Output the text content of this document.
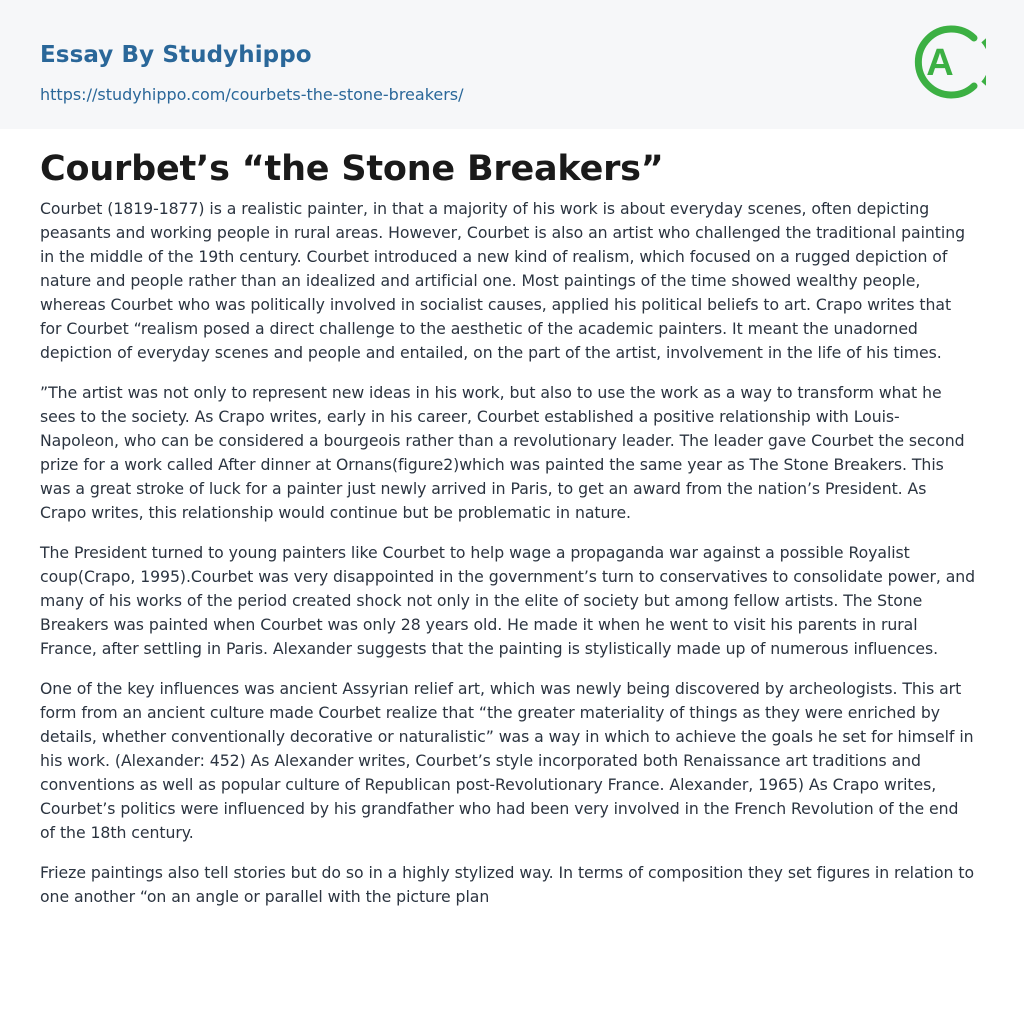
Essay By Studyhippo
https://studyhippo.com/courbets-the-stone-breakers/
A
Courbet’s “the Stone Breakers”

Courbet (1819-1877) is a realistic painter, in that a majority of his work is about everyday scenes, often depicting peasants and working people in rural areas. However, Courbet is also an artist who challenged the traditional painting in the middle of the 19th century. Courbet introduced a new kind of realism, which focused on a rugged depiction of nature and people rather than an idealized and artificial one. Most paintings of the time showed wealthy people, whereas Courbet who was politically involved in socialist causes, applied his political beliefs to art. Crapo writes that for Courbet “realism posed a direct challenge to the aesthetic of the academic painters. It meant the unadorned depiction of everyday scenes and people and entailed, on the part of the artist, involvement in the life of his times.

”The artist was not only to represent new ideas in his work, but also to use the work as a way to transform what he sees to the society. As Crapo writes, early in his career, Courbet established a positive relationship with Louis-Napoleon, who can be considered a bourgeois rather than a revolutionary leader. The leader gave Courbet the second prize for a work called After dinner at Ornans(figure2)which was painted the same year as The Stone Breakers. This was a great stroke of luck for a painter just newly arrived in Paris, to get an award from the nation’s President. As Crapo writes, this relationship would continue but be problematic in nature.

The President turned to young painters like Courbet to help wage a propaganda war against a possible Royalist coup(Crapo, 1995).Courbet was very disappointed in the government’s turn to conservatives to consolidate power, and many of his works of the period created shock not only in the elite of society but among fellow artists. The Stone Breakers was painted when Courbet was only 28 years old. He made it when he went to visit his parents in rural France, after settling in Paris. Alexander suggests that the painting is stylistically made up of numerous influences.

One of the key influences was ancient Assyrian relief art, which was newly being discovered by archeologists. This art form from an ancient culture made Courbet realize that “the greater materiality of things as they were enriched by details, whether conventionally decorative or naturalistic” was a way in which to achieve the goals he set for himself in his work. (Alexander: 452) As Alexander writes, Courbet’s style incorporated both Renaissance art traditions and conventions as well as popular culture of Republican post-Revolutionary France. Alexander, 1965) As Crapo writes, Courbet’s politics were influenced by his grandfather who had been very involved in the French Revolution of the end of the 18th century.

Frieze paintings also tell stories but do so in a highly stylized way. In terms of composition they set figures in relation to one another “on an angle or parallel with the picture plan
